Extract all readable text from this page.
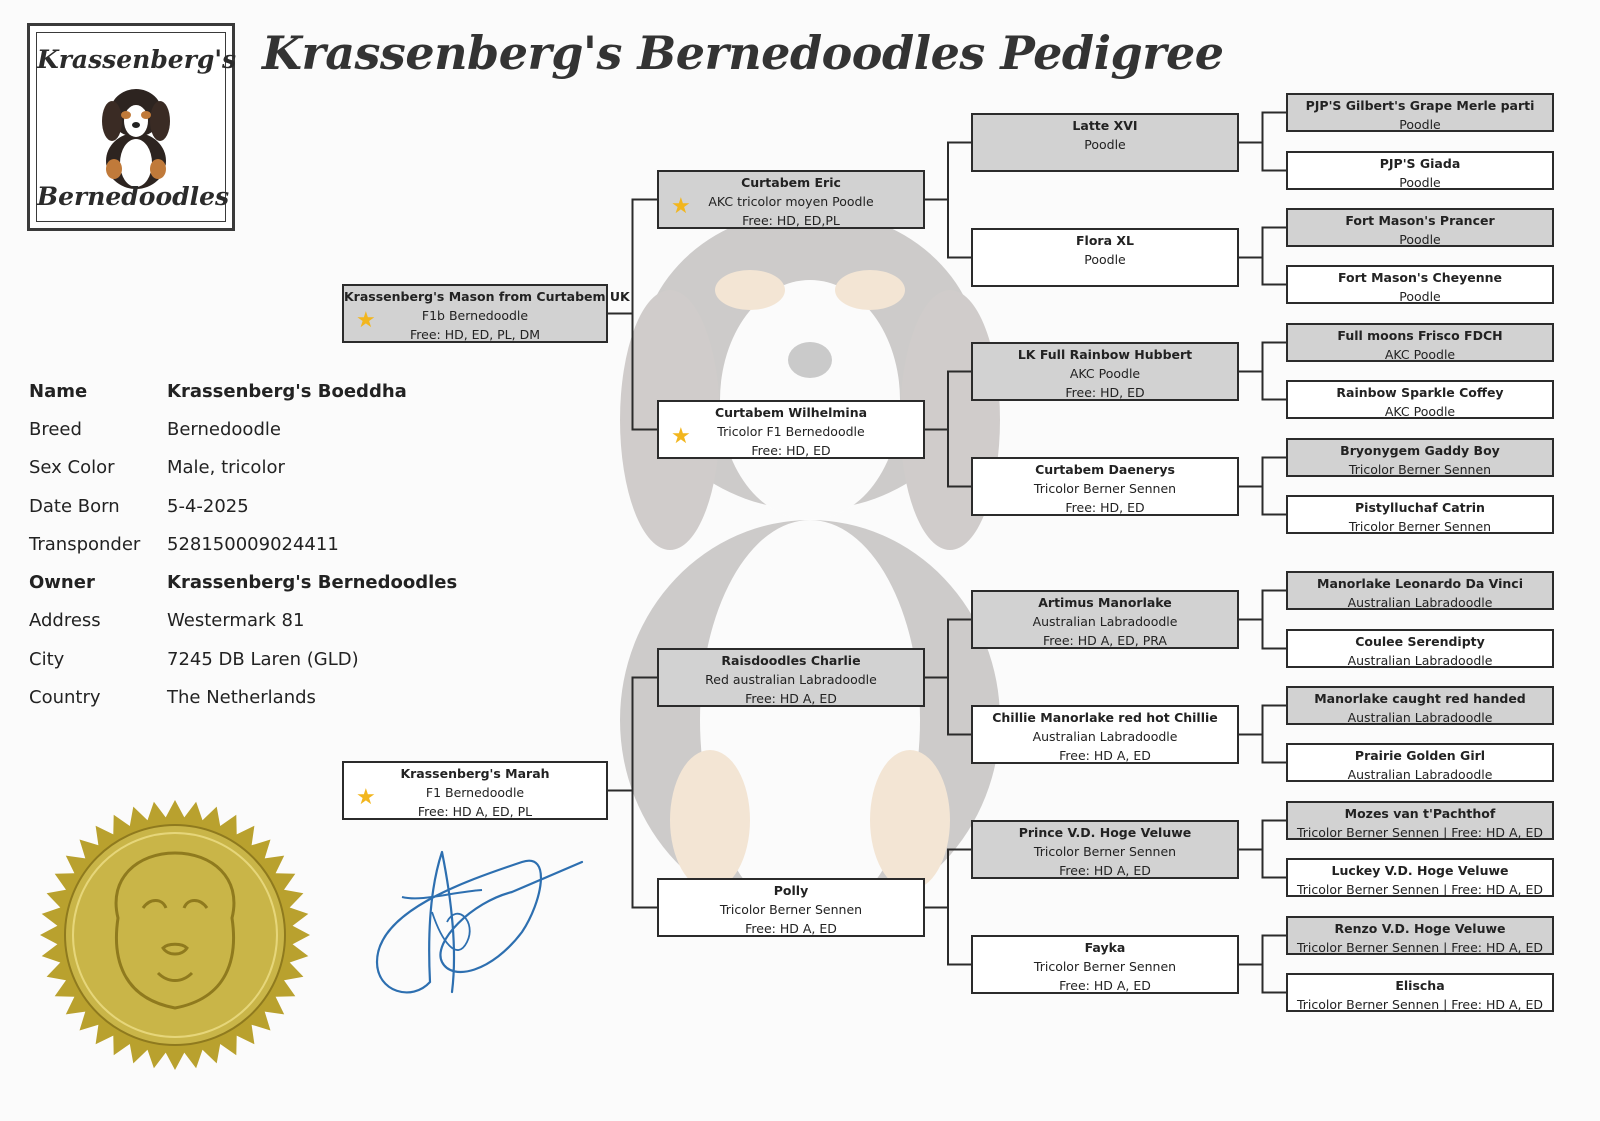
Krassenberg's
Bernedoodles
Krassenberg's Bernedoodles Pedigree
Name	Krassenberg's Boeddha
Breed	Bernedoodle
Sex Color	Male, tricolor
Date Born	5-4-2025
Transponder 528150009024411
Owner	Krassenberg's Bernedoodles
Address	Westermark 81
City	7245 DB Laren (GLD)
Country	The Netherlands
Krassenberg's Mason from Curtabem UK
F1b Bernedoodle
Free: HD, ED, PL, DM
★
Krassenberg's Marah
F1 Bernedoodle
Free: HD A, ED, PL
★
Curtabem Eric
AKC tricolor moyen Poodle
Free: HD, ED,PL
★
Curtabem Wilhelmina
Tricolor F1 Bernedoodle
Free: HD, ED
★
Raisdoodles Charlie
Red australian Labradoodle
Free: HD A, ED
Polly
Tricolor Berner Sennen
Free: HD A, ED
Latte XVI
Poodle
Flora XL
Poodle
LK Full Rainbow Hubbert
AKC Poodle
Free: HD, ED
Curtabem Daenerys
Tricolor Berner Sennen
Free: HD, ED
Artimus Manorlake
Australian Labradoodle
Free: HD A, ED, PRA
Chillie Manorlake red hot Chillie
Australian Labradoodle
Free: HD A, ED
Prince V.D. Hoge Veluwe
Tricolor Berner Sennen
Free: HD A, ED
Fayka
Tricolor Berner Sennen
Free: HD A, ED
PJP'S Gilbert's Grape Merle parti
Poodle
PJP'S Giada
Poodle
Fort Mason's Prancer
Poodle
Fort Mason's Cheyenne
Poodle
Full moons Frisco FDCH
AKC Poodle
Rainbow Sparkle Coffey
AKC Poodle
Bryonygem Gaddy Boy
Tricolor Berner Sennen
Pistylluchaf Catrin
Tricolor Berner Sennen
Manorlake Leonardo Da Vinci
Australian Labradoodle
Coulee Serendipty
Australian Labradoodle
Manorlake caught red handed
Australian Labradoodle
Prairie Golden Girl
Australian Labradoodle
Mozes van t'Pachthof
Tricolor Berner Sennen | Free: HD A, ED
Luckey V.D. Hoge Veluwe
Tricolor Berner Sennen | Free: HD A, ED
Renzo V.D. Hoge Veluwe
Tricolor Berner Sennen | Free: HD A, ED
Elischa
Tricolor Berner Sennen | Free: HD A, ED
